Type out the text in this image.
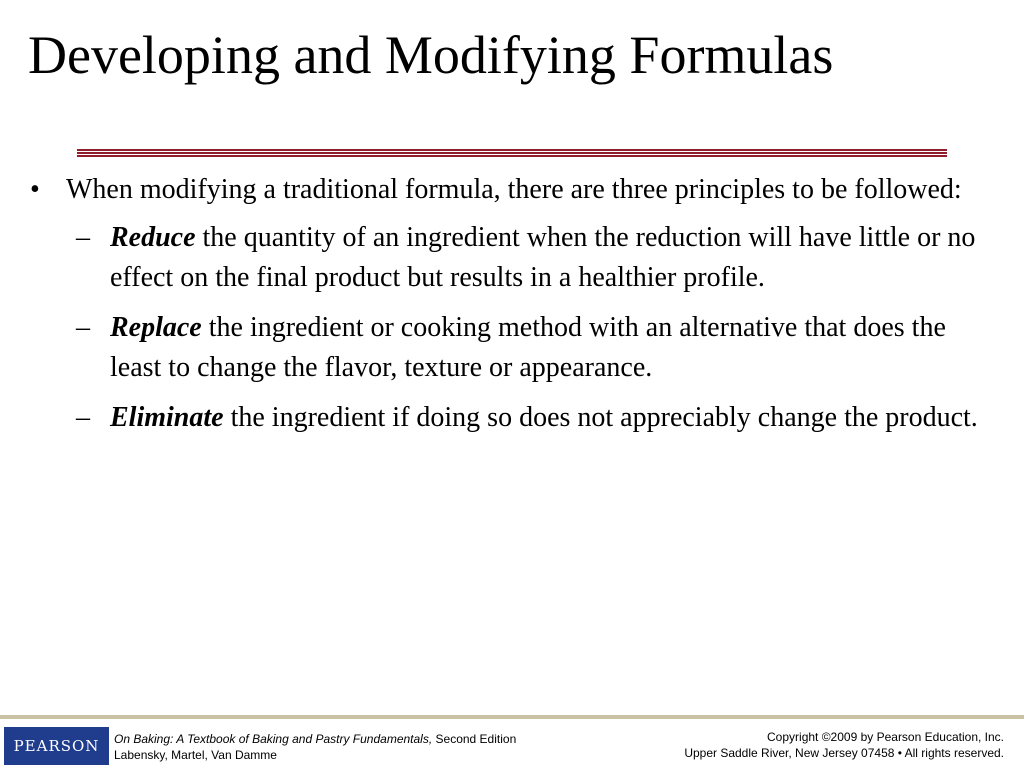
Developing and Modifying Formulas
• When modifying a traditional formula, there are three principles to be followed:
– Reduce the quantity of an ingredient when the reduction will have little or no effect on the final product but results in a healthier profile.
– Replace the ingredient or cooking method with an alternative that does the least to change the flavor, texture or appearance.
– Eliminate the ingredient if doing so does not appreciably change the product.
PEARSON On Baking: A Textbook of Baking and Pastry Fundamentals, Second Edition
Labensky, Martel, Van Damme
Copyright ©2009 by Pearson Education, Inc.
Upper Saddle River, New Jersey 07458 • All rights reserved.
